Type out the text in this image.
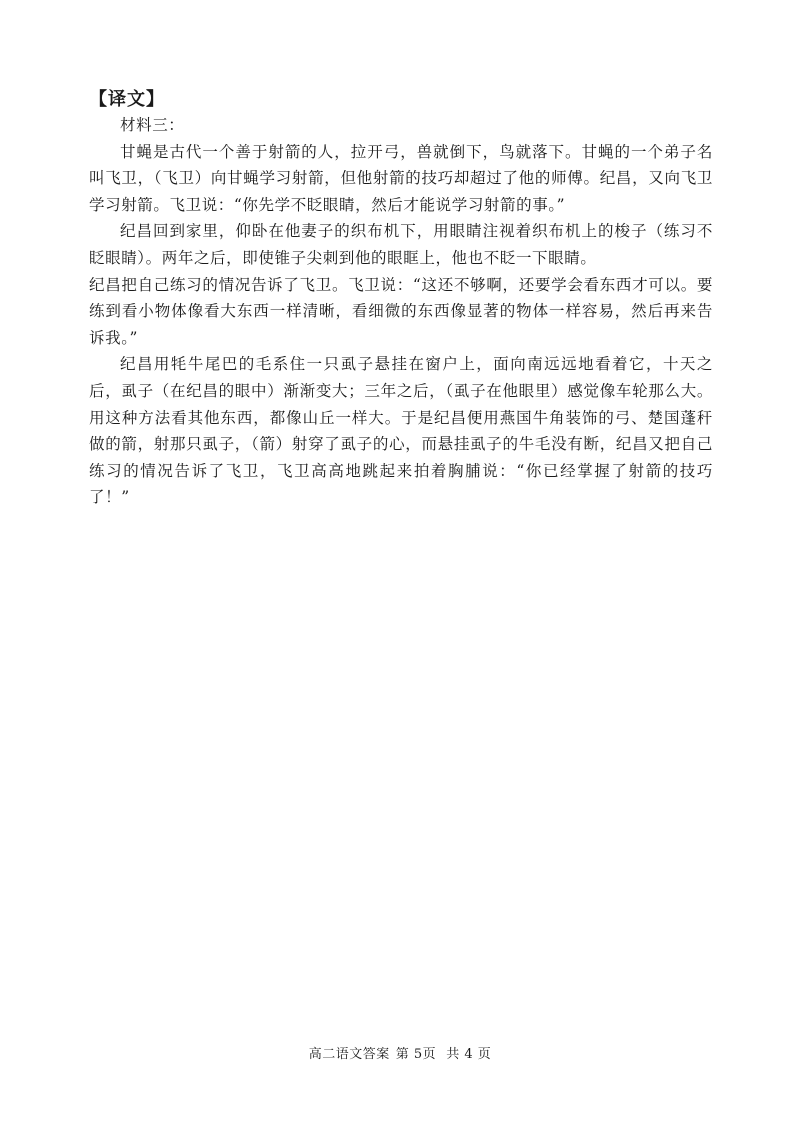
【译文】

材料三：

甘蝇是古代一个善于射箭的人，拉开弓，兽就倒下，鸟就落下。甘蝇的一个弟子名叫飞卫，（飞卫）向甘蝇学习射箭，但他射箭的技巧却超过了他的师傅。纪昌，又向飞卫学习射箭。飞卫说：“你先学不眨眼睛，然后才能说学习射箭的事。”

纪昌回到家里，仰卧在他妻子的织布机下，用眼睛注视着织布机上的梭子（练习不眨眼睛）。两年之后，即使锥子尖刺到他的眼眶上，他也不眨一下眼睛。

纪昌把自己练习的情况告诉了飞卫。飞卫说：“这还不够啊，还要学会看东西才可以。要练到看小物体像看大东西一样清晰，看细微的东西像显著的物体一样容易，然后再来告诉我。”

纪昌用牦牛尾巴的毛系住一只虱子悬挂在窗户上，面向南远远地看着它，十天之后，虱子（在纪昌的眼中）渐渐变大；三年之后，（虱子在他眼里）感觉像车轮那么大。用这种方法看其他东西，都像山丘一样大。于是纪昌便用燕国牛角装饰的弓、楚国蓬秆做的箭，射那只虱子，（箭）射穿了虱子的心，而悬挂虱子的牛毛没有断，纪昌又把自己练习的情况告诉了飞卫，飞卫高高地跳起来拍着胸脯说：“你已经掌握了射箭的技巧了！”

高二语文答案 第 5页 共 4 页
